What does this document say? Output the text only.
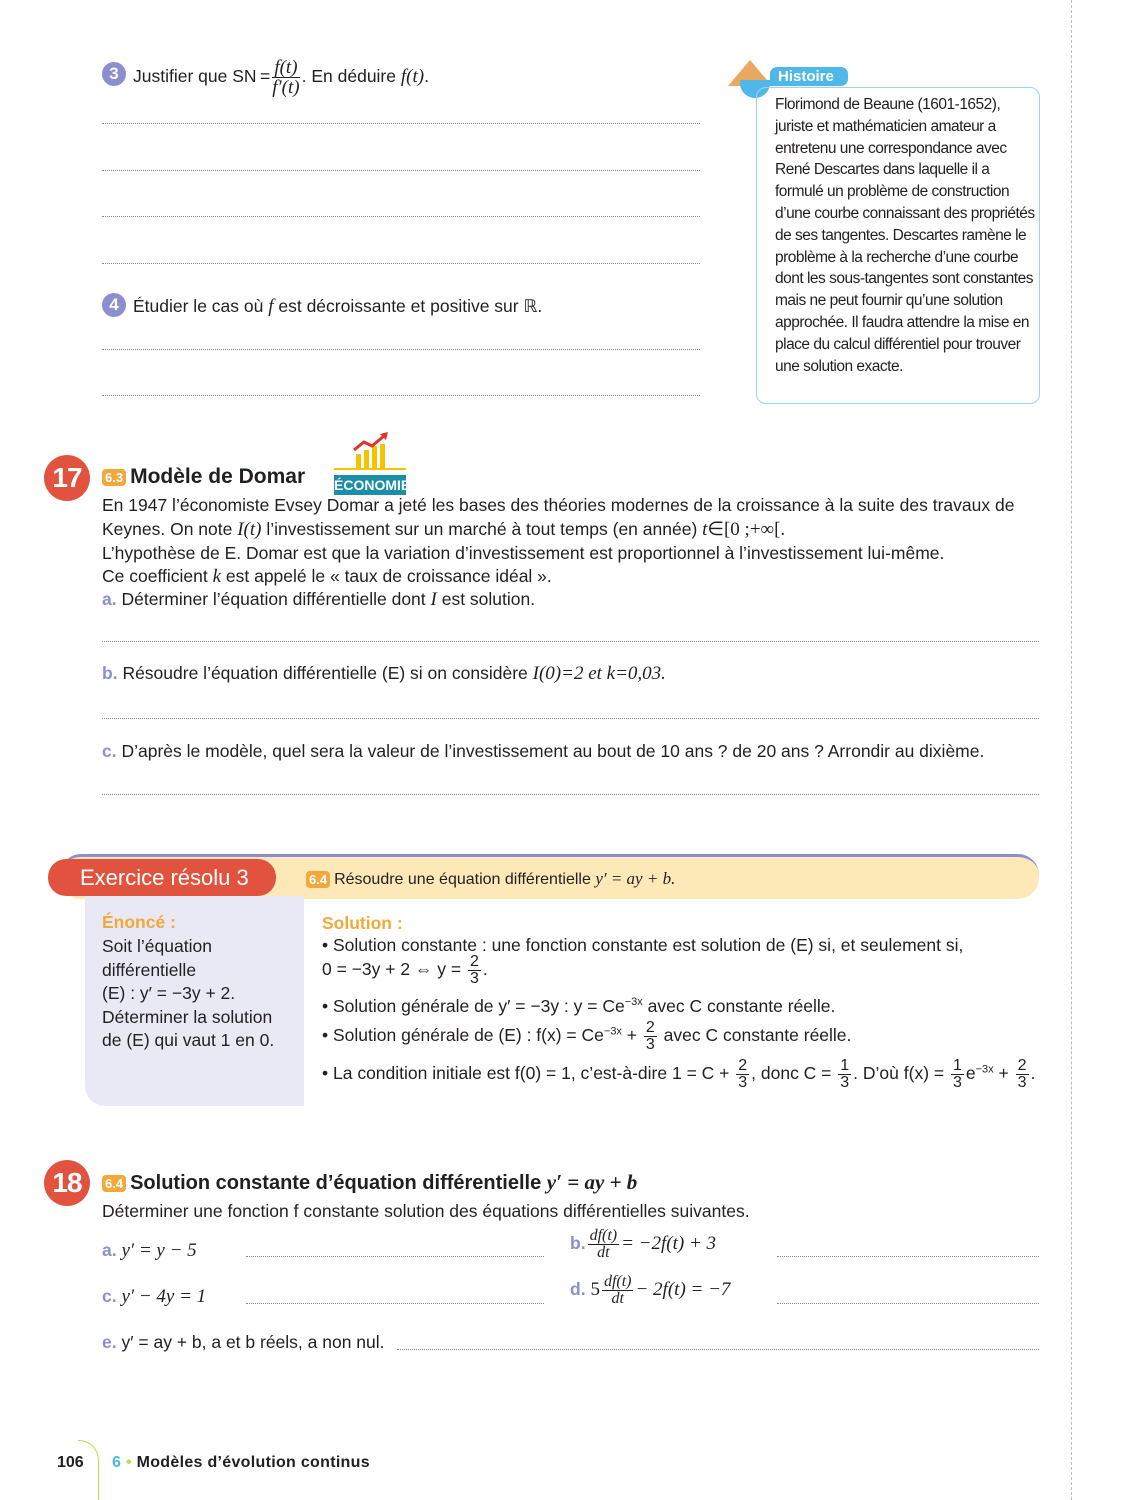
3 Justifier que SN = $\frac{f(t)}{f'(t)}$ . En déduire f(t).
4 Étudier le cas où f est décroissante et positive sur ℝ.
Histoire
Florimond de Beaune (1601-1652), juriste et mathématicien amateur a entretenu une correspondance avec René Descartes dans laquelle il a formulé un problème de construction d’une courbe connaissant des propriétés de ses tangentes. Descartes ramène le problème à la recherche d’une courbe dont les sous-tangentes sont constantes mais ne peut fournir qu’une solution approchée. Il faudra attendre la mise en place du calcul différentiel pour trouver une solution exacte.
17	6.3 Modèle de Domar ÉCONOMIE
En 1947 l’économiste Evsey Domar a jeté les bases des théories modernes de la croissance à la suite des travaux de
Keynes. On note I(t) l’investissement sur un marché à tout temps (en année) t∈[0 ;+∞[.
L’hypothèse de E. Domar est que la variation d’investissement est proportionnel à l’investissement lui-même.
Ce coefficient k est appelé le « taux de croissance idéal ».
a. Déterminer l’équation différentielle dont I est solution.
b. Résoudre l’équation différentielle (E) si on considère I(0)=2 et k=0,03.
c. D’après le modèle, quel sera la valeur de l’investissement au bout de 10 ans ? de 20 ans ? Arrondir au dixième.
Exercice résolu 3	6.4 Résoudre une équation différentielle y′ = ay + b.
Énoncé :
Soit l’équation
différentielle
(E) : y′ = −3y + 2.
Déterminer la solution
de (E) qui vaut 1 en 0.
Solution :
• Solution constante : une fonction constante est solution de (E) si, et seulement si,
0 = −3y + 2 ⇔ $y = \frac{2}{3}$ .
• Solution générale de y′ = −3y : $y = Ce^{-3x}$ avec C constante réelle.
• Solution générale de (E) : $f(x) = Ce^{-3x} + \frac{2}{3}$ avec C constante réelle.
• La condition initiale est f(0) = 1, c’est-à-dire $1 = C + \frac{2}{3}$ , donc $C = \frac{1}{3}$ . D’où $f(x) = \frac{1}{3} e^{-3x} + \frac{2}{3}$ .
18	6.4 Solution constante d’équation différentielle y′ = ay + b
Déterminer une fonction f constante solution des équations différentielles suivantes.
a. y′ = y − 5	b. $\frac{df(t)}{dt} = -2f(t) + 3$
c. y′ − 4y = 1	d. $5 \frac{df(t)}{dt} - 2f(t) = -7$
e. y′ = ay + b, a et b réels, a non nul.
106 6 • Modèles d’évolution continus
